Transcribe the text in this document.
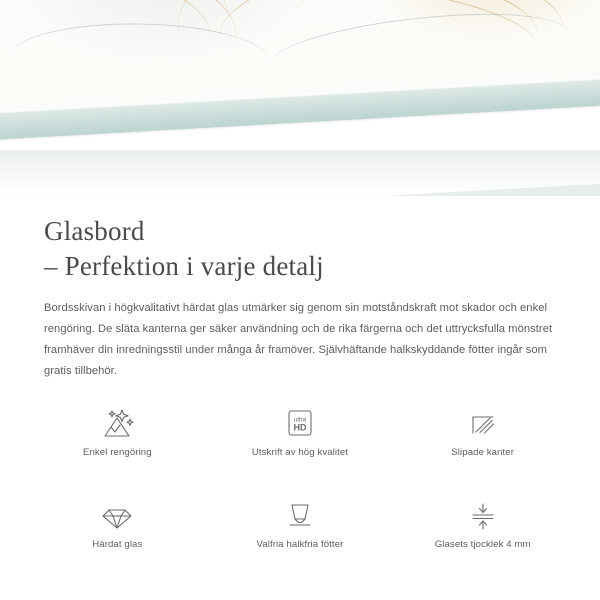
Glasbord
– Perfektion i varje detalj

Bordsskivan i högkvalitativt härdat glas utmärker sig genom sin motståndskraft mot skador och enkel rengöring. De släta kanterna ger säker användning och de rika färgerna och det uttrycksfulla mönstret framhäver din inredningsstil under många år framöver. Självhäftande halkskyddande fötter ingår som gratis tillbehör.

Enkel rengöring
ultra
HD
Utskrift av hög kvalitet	Slipade kanter
Härdat glas	Valfria halkfria fötter	Glasets tjocklek 4 mm
